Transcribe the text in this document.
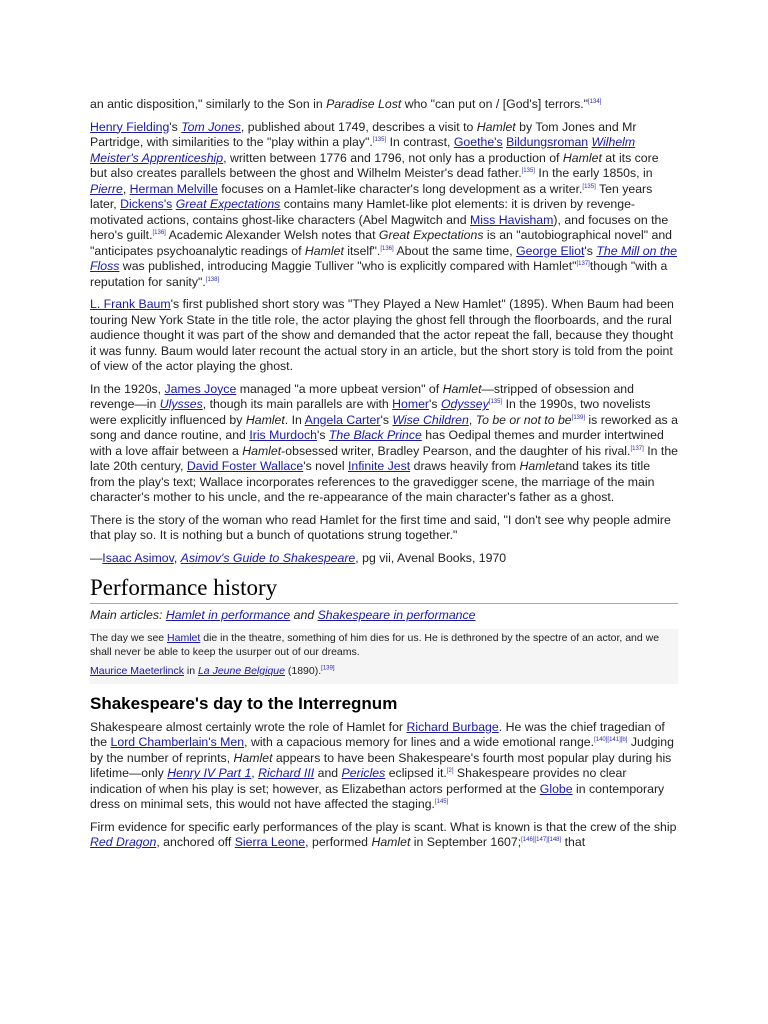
an antic disposition," similarly to the Son in Paradise Lost who "can put on / [God's] terrors."[134]

Henry Fielding's Tom Jones, published about 1749, describes a visit to Hamlet by Tom Jones and Mr Partridge, with similarities to the "play within a play".[135] In contrast, Goethe's Bildungsroman Wilhelm Meister's Apprenticeship, written between 1776 and 1796, not only has a production of Hamlet at its core but also creates parallels between the ghost and Wilhelm Meister's dead father.[135] In the early 1850s, in Pierre, Herman Melville focuses on a Hamlet-like character's long development as a writer.[135] Ten years later, Dickens's Great Expectations contains many Hamlet-like plot elements: it is driven by revenge-motivated actions, contains ghost-like characters (Abel Magwitch and Miss Havisham), and focuses on the hero's guilt.[136] Academic Alexander Welsh notes that Great Expectations is an "autobiographical novel" and "anticipates psychoanalytic readings of Hamlet itself".[136] About the same time, George Eliot's The Mill on the Floss was published, introducing Maggie Tulliver "who is explicitly compared with Hamlet"[137]though "with a reputation for sanity".[138]

L. Frank Baum's first published short story was "They Played a New Hamlet" (1895). When Baum had been touring New York State in the title role, the actor playing the ghost fell through the floorboards, and the rural audience thought it was part of the show and demanded that the actor repeat the fall, because they thought it was funny. Baum would later recount the actual story in an article, but the short story is told from the point of view of the actor playing the ghost.

In the 1920s, James Joyce managed "a more upbeat version" of Hamlet—stripped of obsession and revenge—in Ulysses, though its main parallels are with Homer's Odyssey[135] In the 1990s, two novelists were explicitly influenced by Hamlet. In Angela Carter's Wise Children, To be or not to be[139] is reworked as a song and dance routine, and Iris Murdoch's The Black Prince has Oedipal themes and murder intertwined with a love affair between a Hamlet-obsessed writer, Bradley Pearson, and the daughter of his rival.[137] In the late 20th century, David Foster Wallace's novel Infinite Jest draws heavily from Hamletand takes its title from the play's text; Wallace incorporates references to the gravedigger scene, the marriage of the main character's mother to his uncle, and the re-appearance of the main character's father as a ghost.

There is the story of the woman who read Hamlet for the first time and said, "I don't see why people admire that play so. It is nothing but a bunch of quotations strung together."

—Isaac Asimov, Asimov's Guide to Shakespeare, pg vii, Avenal Books, 1970

Performance history
Main articles: Hamlet in performance and Shakespeare in performance

The day we see Hamlet die in the theatre, something of him dies for us. He is dethroned by the spectre of an actor, and we shall never be able to keep the usurper out of our dreams.

Maurice Maeterlinck in La Jeune Belgique (1890).[139]

Shakespeare's day to the Interregnum

Shakespeare almost certainly wrote the role of Hamlet for Richard Burbage. He was the chief tragedian of the Lord Chamberlain's Men, with a capacious memory for lines and a wide emotional range.[140][141][b] Judging by the number of reprints, Hamlet appears to have been Shakespeare's fourth most popular play during his lifetime—only Henry IV Part 1, Richard III and Pericles eclipsed it.[2] Shakespeare provides no clear indication of when his play is set; however, as Elizabethan actors performed at the Globe in contemporary dress on minimal sets, this would not have affected the staging.[145]

Firm evidence for specific early performances of the play is scant. What is known is that the crew of the ship Red Dragon, anchored off Sierra Leone, performed Hamlet in September 1607;[146][147][148] that
